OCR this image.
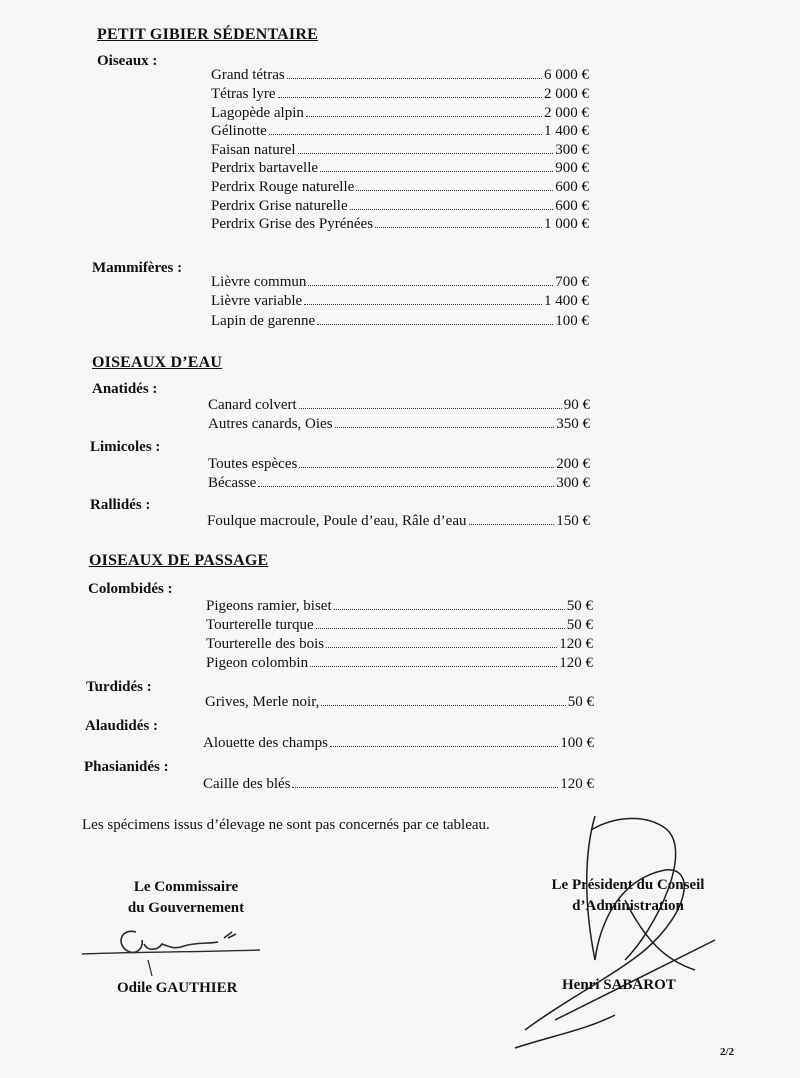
PETIT GIBIER SÉDENTAIRE
Oiseaux :
Grand tétras	6 000 €
Tétras lyre	2 000 €
Lagopède alpin	2 000 €
Gélinotte	1 400 €
Faisan naturel	300 €
Perdrix bartavelle	900 €
Perdrix Rouge naturelle	600 €
Perdrix Grise naturelle	600 €
Perdrix Grise des Pyrénées	1 000 €
Mammifères :
Lièvre commun	700 €
Lièvre variable	1 400 €
Lapin de garenne	100 €
OISEAUX D’EAU
Anatidés :
Canard colvert	90 €
Autres canards, Oies	350 €
Limicoles :
Toutes espèces	200 €
Bécasse	300 €
Rallidés :
Foulque macroule, Poule d’eau, Râle d’eau	150 €
OISEAUX DE PASSAGE
Colombidés :
Pigeons ramier, biset	50 €
Tourterelle turque	50 €
Tourterelle des bois	120 €
Pigeon colombin	120 €
Turdidés :
Grives, Merle noir,	50 €
Alaudidés :
Alouette des champs	100 €
Phasianidés :
Caille des blés	120 €
Les spécimens issus d’élevage ne sont pas concernés par ce tableau.
Le Commissaire
du Gouvernement
Odile GAUTHIER
Le Président du Conseil
d’Administration
Henri SABAROT
2/2
